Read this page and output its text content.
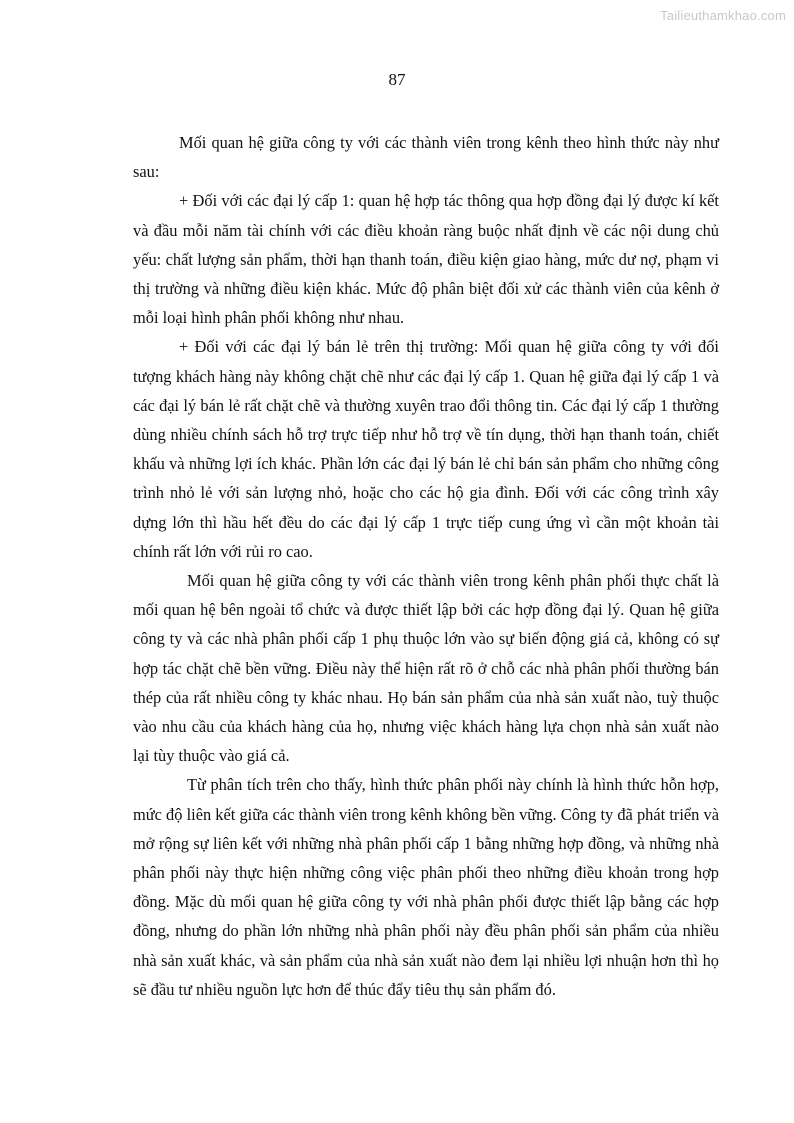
Tailieuthamkhao.com
87

Mối quan hệ giữa công ty với các thành viên trong kênh theo hình thức này như sau:

+ Đối với các đại lý cấp 1: quan hệ hợp tác thông qua hợp đồng đại lý được kí kết và đầu mỗi năm tài chính với các điều khoản ràng buộc nhất định về các nội dung chủ yếu: chất lượng sản phẩm, thời hạn thanh toán, điều kiện giao hàng, mức dư nợ, phạm vi thị trường và những điều kiện khác. Mức độ phân biệt đối xử các thành viên của kênh ở mỗi loại hình phân phối không như nhau.

+ Đối với các đại lý bán lẻ trên thị trường: Mối quan hệ giữa công ty với đối tượng khách hàng này không chặt chẽ như các đại lý cấp 1. Quan hệ giữa đại lý cấp 1 và các đại lý bán lẻ rất chặt chẽ và thường xuyên trao đổi thông tin. Các đại lý cấp 1 thường dùng nhiều chính sách hỗ trợ trực tiếp như hỗ trợ về tín dụng, thời hạn thanh toán, chiết khấu và những lợi ích khác. Phần lớn các đại lý bán lẻ chỉ bán sản phẩm cho những công trình nhỏ lẻ với sản lượng nhỏ, hoặc cho các hộ gia đình. Đối với các công trình xây dựng lớn thì hầu hết đều do các đại lý cấp 1 trực tiếp cung ứng vì cần một khoản tài chính rất lớn với rủi ro cao.

Mối quan hệ giữa công ty với các thành viên trong kênh phân phối thực chất là mối quan hệ bên ngoài tổ chức và được thiết lập bởi các hợp đồng đại lý. Quan hệ giữa công ty và các nhà phân phối cấp 1 phụ thuộc lớn vào sự biến động giá cả, không có sự hợp tác chặt chẽ bền vững. Điều này thể hiện rất rõ ở chỗ các nhà phân phối thường bán thép của rất nhiều công ty khác nhau. Họ bán sản phẩm của nhà sản xuất nào, tuỳ thuộc vào nhu cầu của khách hàng của họ, nhưng việc khách hàng lựa chọn nhà sản xuất nào lại tùy thuộc vào giá cả.

Từ phân tích trên cho thấy, hình thức phân phối này chính là hình thức hỗn hợp, mức độ liên kết giữa các thành viên trong kênh không bền vững. Công ty đã phát triển và mở rộng sự liên kết với những nhà phân phối cấp 1 bằng những hợp đồng, và những nhà phân phối này thực hiện những công việc phân phối theo những điều khoản trong hợp đồng. Mặc dù mối quan hệ giữa công ty với nhà phân phối được thiết lập bằng các hợp đồng, nhưng do phần lớn những nhà phân phối này đều phân phối sản phẩm của nhiều nhà sản xuất khác, và sản phẩm của nhà sản xuất nào đem lại nhiều lợi nhuận hơn thì họ sẽ đầu tư nhiều nguồn lực hơn để thúc đẩy tiêu thụ sản phẩm đó.
